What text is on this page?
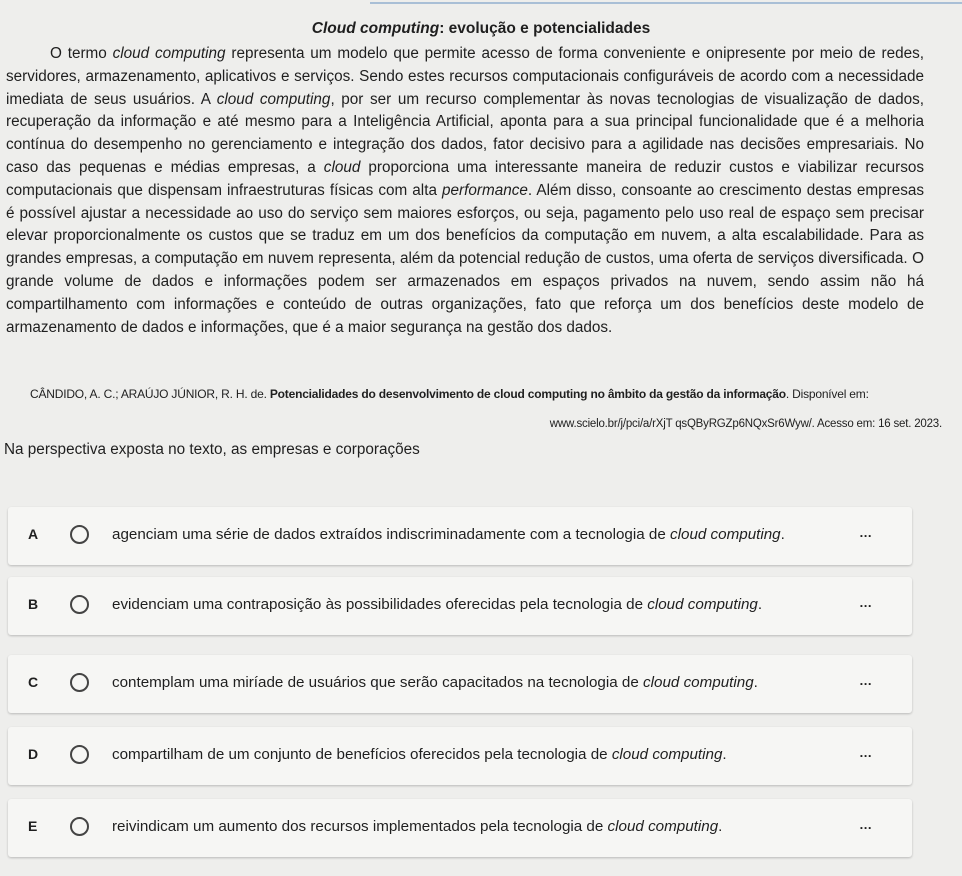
Cloud computing: evolução e potencialidades

O termo cloud computing representa um modelo que permite acesso de forma conveniente e onipresente por meio de redes, servidores, armazenamento, aplicativos e serviços. Sendo estes recursos computacionais configuráveis de acordo com a necessidade imediata de seus usuários. A cloud computing, por ser um recurso complementar às novas tecnologias de visualização de dados, recuperação da informação e até mesmo para a Inteligência Artificial, aponta para a sua principal funcionalidade que é a melhoria contínua do desempenho no gerenciamento e integração dos dados, fator decisivo para a agilidade nas decisões empresariais. No caso das pequenas e médias empresas, a cloud proporciona uma interessante maneira de reduzir custos e viabilizar recursos computacionais que dispensam infraestruturas físicas com alta performance. Além disso, consoante ao crescimento destas empresas é possível ajustar a necessidade ao uso do serviço sem maiores esforços, ou seja, pagamento pelo uso real de espaço sem precisar elevar proporcionalmente os custos que se traduz em um dos benefícios da computação em nuvem, a alta escalabilidade. Para as grandes empresas, a computação em nuvem representa, além da potencial redução de custos, uma oferta de serviços diversificada. O grande volume de dados e informações podem ser armazenados em espaços privados na nuvem, sendo assim não há compartilhamento com informações e conteúdo de outras organizações, fato que reforça um dos benefícios deste modelo de armazenamento de dados e informações, que é a maior segurança na gestão dos dados.

CÂNDIDO, A. C.; ARAÚJO JÚNIOR, R. H. de. Potencialidades do desenvolvimento de cloud computing no âmbito da gestão da informação. Disponível em:
www.scielo.br/j/pci/a/rXjT qsQByRGZp6NQxSr6Wyw/. Acesso em: 16 set. 2023.
Na perspectiva exposta no texto, as empresas e corporações
A	agenciam uma série de dados extraídos indiscriminadamente com a tecnologia de cloud computing.	...
B	evidenciam uma contraposição às possibilidades oferecidas pela tecnologia de cloud computing.	...
C	contemplam uma miríade de usuários que serão capacitados na tecnologia de cloud computing.	...
D	compartilham de um conjunto de benefícios oferecidos pela tecnologia de cloud computing.	...
E	reivindicam um aumento dos recursos implementados pela tecnologia de cloud computing.	...
